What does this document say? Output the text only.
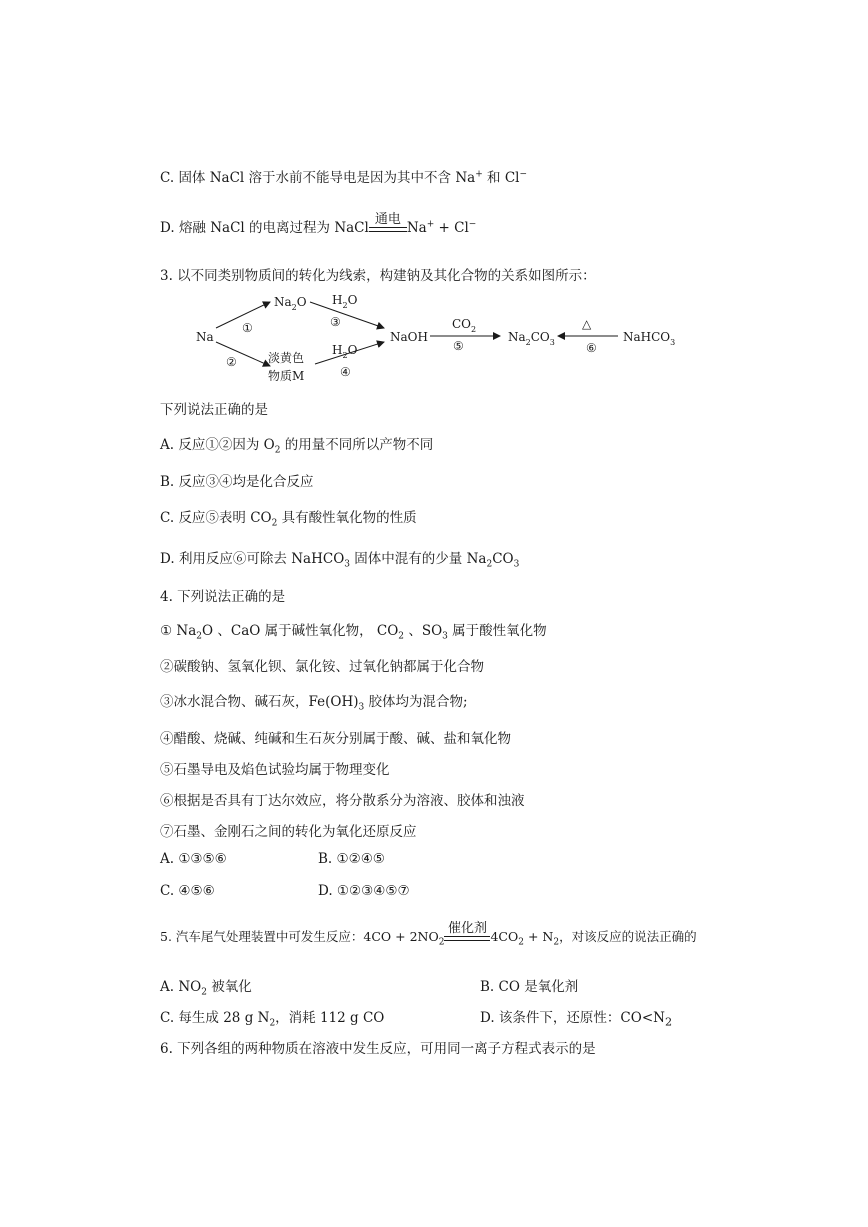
C. 固体 NaCl 溶于水前不能导电是因为其中不含 Na+ 和 Cl−
D. 熔融 NaCl 的电离过程为 NaCl
通电
Na+ + Cl−
3. 以不同类别物质间的转化为线索，构建钠及其化合物的关系如图所示：
Na
$Na_2O$
淡黄色
物质M
NaOH	$Na_2CO_3$	NaHCO$_3$
①
②
③
④
⑤	⑥
$H_2O$
$H_2O$
$CO_2$	△
下列说法正确的是
A. 反应①②因为 $O_2$ 的用量不同所以产物不同
B. 反应③④均是化合反应
C. 反应⑤表明 $CO_2$ 具有酸性氧化物的性质
D. 利用反应⑥可除去 NaHCO$_3$ 固体中混有的少量 $Na_2CO_3$
4. 下列说法正确的是
① $Na_2O$ 、CaO 属于碱性氧化物， $CO_2$ 、$SO_3$ 属于酸性氧化物
②碳酸钠、氢氧化钡、氯化铵、过氧化钠都属于化合物
③冰水混合物、碱石灰，$Fe(OH)_3$ 胶体均为混合物;
④醋酸、烧碱、纯碱和生石灰分别属于酸、碱、盐和氧化物
⑤石墨导电及焰色试验均属于物理变化
⑥根据是否具有丁达尔效应，将分散系分为溶液、胶体和浊液
⑦石墨、金刚石之间的转化为氧化还原反应
A. ①③⑤⑥	B. ①②④⑤
C. ④⑤⑥	D. ①②③④⑤⑦
5. 汽车尾气处理装置中可发生反应：$4CO + 2NO_2$
催化剂
$4CO_2 + N_2$，对该反应的说法正确的
A. $NO_2$ 被氧化	B. CO 是氧化剂
C. 每生成 28 g $N_2$，消耗 112 g CO	D. 该条件下，还原性：$CO<N_2$
6. 下列各组的两种物质在溶液中发生反应，可用同一离子方程式表示的是
